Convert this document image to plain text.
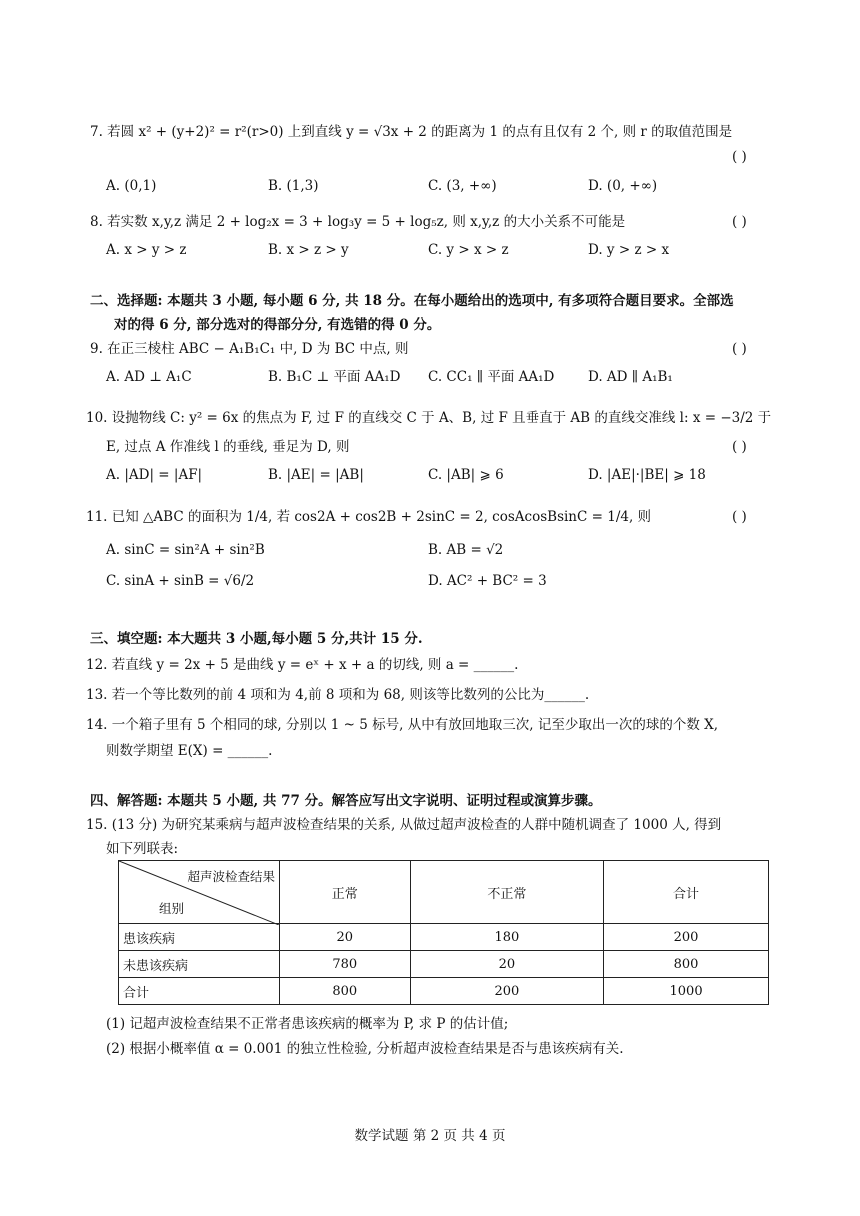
7. 若圆 x² + (y+2)² = r²(r>0) 上到直线 y = √3x + 2 的距离为 1 的点有且仅有 2 个, 则 r 的取值范围是
( )
A. (0,1)	B. (1,3)	C. (3, +∞)	D. (0, +∞)
8. 若实数 x,y,z 满足 2 + log₂x = 3 + log₃y = 5 + log₅z, 则 x,y,z 的大小关系不可能是	( )
A. x > y > z	B. x > z > y	C. y > x > z	D. y > z > x
二、选择题: 本题共 3 小题, 每小题 6 分, 共 18 分。在每小题给出的选项中, 有多项符合题目要求。全部选
对的得 6 分, 部分选对的得部分分, 有选错的得 0 分。
9. 在正三棱柱 ABC − A₁B₁C₁ 中, D 为 BC 中点, 则	( )
A. AD ⊥ A₁C	B. B₁C ⊥ 平面 AA₁D C. CC₁ ∥ 平面 AA₁D D. AD ∥ A₁B₁
10. 设抛物线 C: y² = 6x 的焦点为 F, 过 F 的直线交 C 于 A、B, 过 F 且垂直于 AB 的直线交准线 l: x = −3/2 于
E, 过点 A 作准线 l 的垂线, 垂足为 D, 则	( )
A. |AD| = |AF|	B. |AE| = |AB|	C. |AB| ⩾ 6	D. |AE|·|BE| ⩾ 18
11. 已知 △ABC 的面积为 1/4, 若 cos2A + cos2B + 2sinC = 2, cosAcosBsinC = 1/4, 则	( )
A. sinC = sin²A + sin²B	B. AB = √2
C. sinA + sinB = √6/2	D. AC² + BC² = 3
三、填空题: 本大题共 3 小题,每小题 5 分,共计 15 分.
12. 若直线 y = 2x + 5 是曲线 y = eˣ + x + a 的切线, 则 a = ______.
13. 若一个等比数列的前 4 项和为 4,前 8 项和为 68, 则该等比数列的公比为______.
14. 一个箱子里有 5 个相同的球, 分别以 1 ~ 5 标号, 从中有放回地取三次, 记至少取出一次的球的个数 X,
则数学期望 E(X) = ______.
四、解答题: 本题共 5 小题, 共 77 分。解答应写出文字说明、证明过程或演算步骤。
15. (13 分) 为研究某乘病与超声波检查结果的关系, 从做过超声波检查的人群中随机调查了 1000 人, 得到
如下列联表:
超声波检查结果
组别	正常	不正常	合计
患该疾病	20	180	200
未患该疾病	780	20	800
合计	800	200	1000
(1) 记超声波检查结果不正常者患该疾病的概率为 P, 求 P 的估计值;
(2) 根据小概率值 α = 0.001 的独立性检验, 分析超声波检查结果是否与患该疾病有关.
数学试题 第 2 页 共 4 页
